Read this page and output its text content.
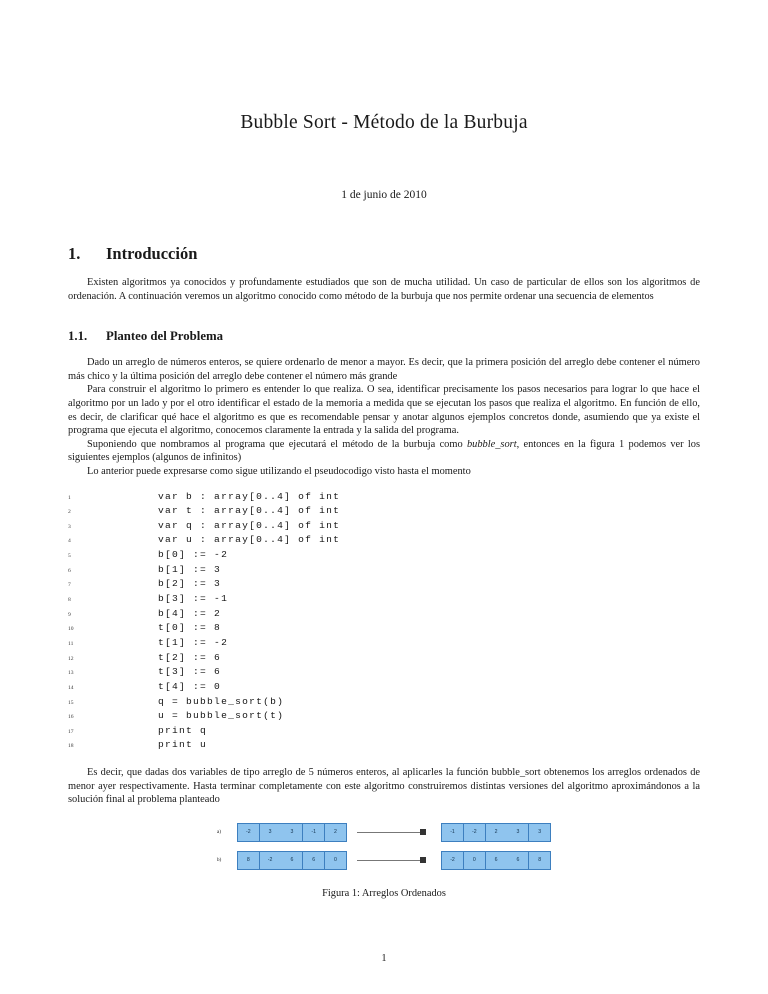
Bubble Sort - Método de la Burbuja

1 de junio de 2010

1.	Introducción

Existen algoritmos ya conocidos y profundamente estudiados que son de mucha utilidad. Un caso de particular de ellos son los algoritmos de ordenación. A continuación veremos un algoritmo conocido como método de la burbuja que nos permite ordenar una secuencia de elementos

1.1.	Planteo del Problema

Dado un arreglo de números enteros, se quiere ordenarlo de menor a mayor. Es decir, que la primera posición del arreglo debe contener el número más chico y la última posición del arreglo debe contener el número más grande

Para construir el algoritmo lo primero es entender lo que realiza. O sea, identificar precisamente los pasos necesarios para lograr lo que hace el algoritmo por un lado y por el otro identificar el estado de la memoria a medida que se ejecutan los pasos que realiza el algoritmo. En función de ello, es decir, de clarificar qué hace el algoritmo es que es recomendable pensar y anotar algunos ejemplos concretos donde, asumiendo que ya existe el programa que ejecuta el algoritmo, conocemos claramente la entrada y la salida del programa.

Suponiendo que nombramos al programa que ejecutará el método de la burbuja como bubble_sort, entonces en la figura 1 podemos ver los siguientes ejemplos (algunos de infinitos)

Lo anterior puede expresarse como sigue utilizando el pseudocodigo visto hasta el momento

1	var b : array[0..4] of int
2	var t : array[0..4] of int
3	var q : array[0..4] of int
4	var u : array[0..4] of int
5	b[0] := -2
6	b[1] := 3
7	b[2] := 3
8	b[3] := -1
9	b[4] := 2
10	t[0] := 8
11	t[1] := -2
12	t[2] := 6
13	t[3] := 6
14	t[4] := 0
15	q = bubble_sort(b)
16	u = bubble_sort(t)
17	print q
18	print u

Es decir, que dadas dos variables de tipo arreglo de 5 números enteros, al aplicarles la función bubble_sort obtenemos los arreglos ordenados de menor ayer respectivamente. Hasta terminar completamente con este algoritmo construiremos distintas versiones del algoritmo aproximándonos a la solución final al problema planteado

a)	-2	3	3	-1	2	-1	-2	2	3	3
b)	8	-2	6	6	0	-2	0	6	6	8
Figura 1: Arreglos Ordenados
1
